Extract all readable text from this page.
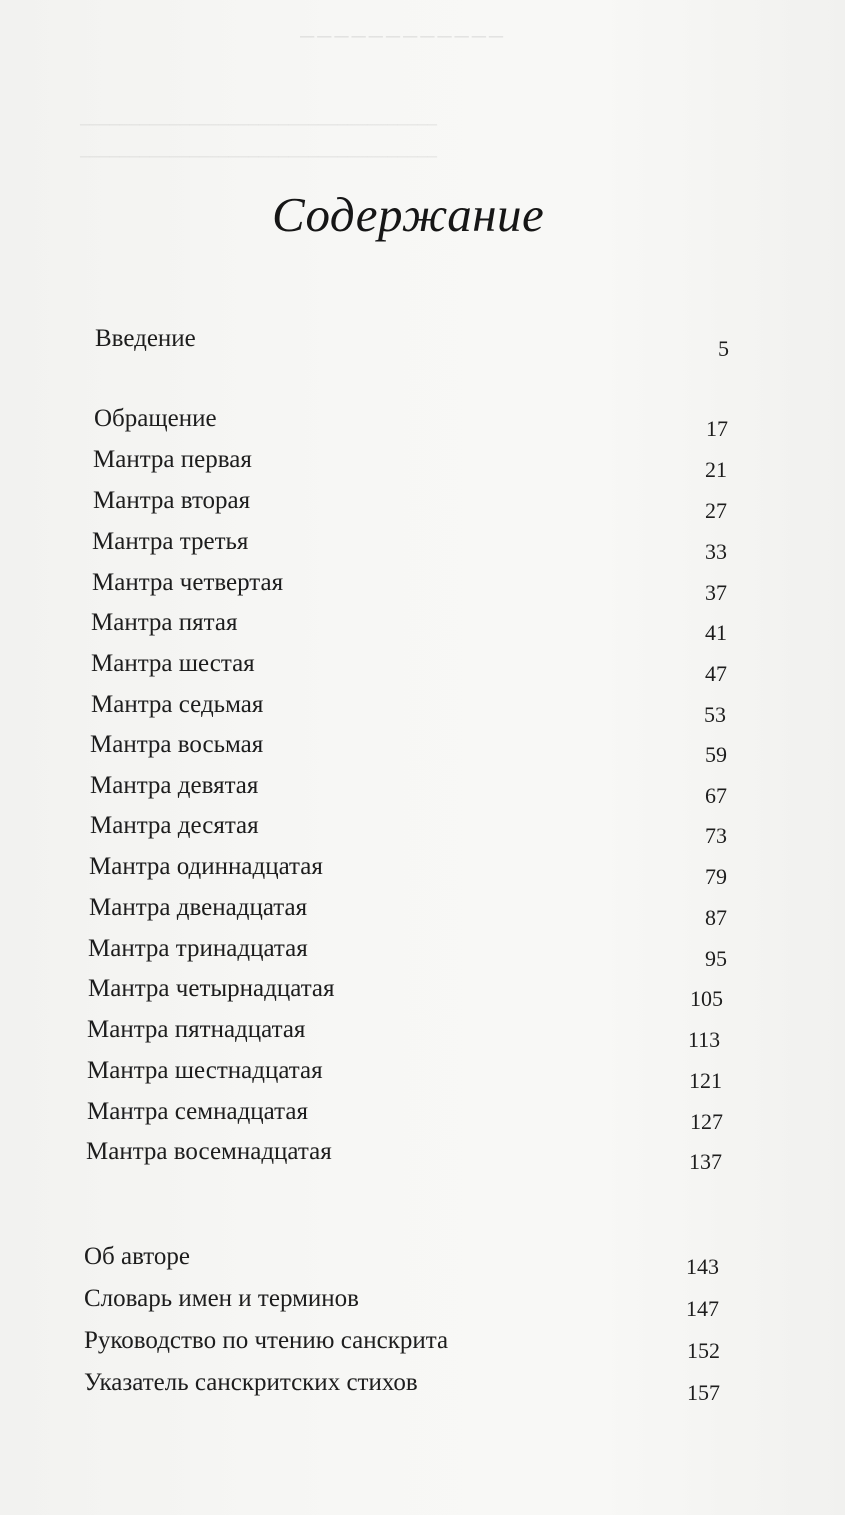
────────────
────────────────────────────────────
────────────────────────────────────
Содержание
Введение	5
Обращение	17
Мантра первая	21
Мантра вторая	27
Мантра третья	33
Мантра четвертая	37
Мантра пятая	41
Мантра шестая	47
Мантра седьмая	53
Мантра восьмая	59
Мантра девятая	67
Мантра десятая	73
Мантра одиннадцатая	79
Мантра двенадцатая	87
Мантра тринадцатая	95
Мантра четырнадцатая	105
Мантра пятнадцатая	113
Мантра шестнадцатая	121
Мантра семнадцатая	127
Мантра восемнадцатая	137
Об авторе	143
Словарь имен и терминов	147
Руководство по чтению санскрита	152
Указатель санскритских стихов	157
